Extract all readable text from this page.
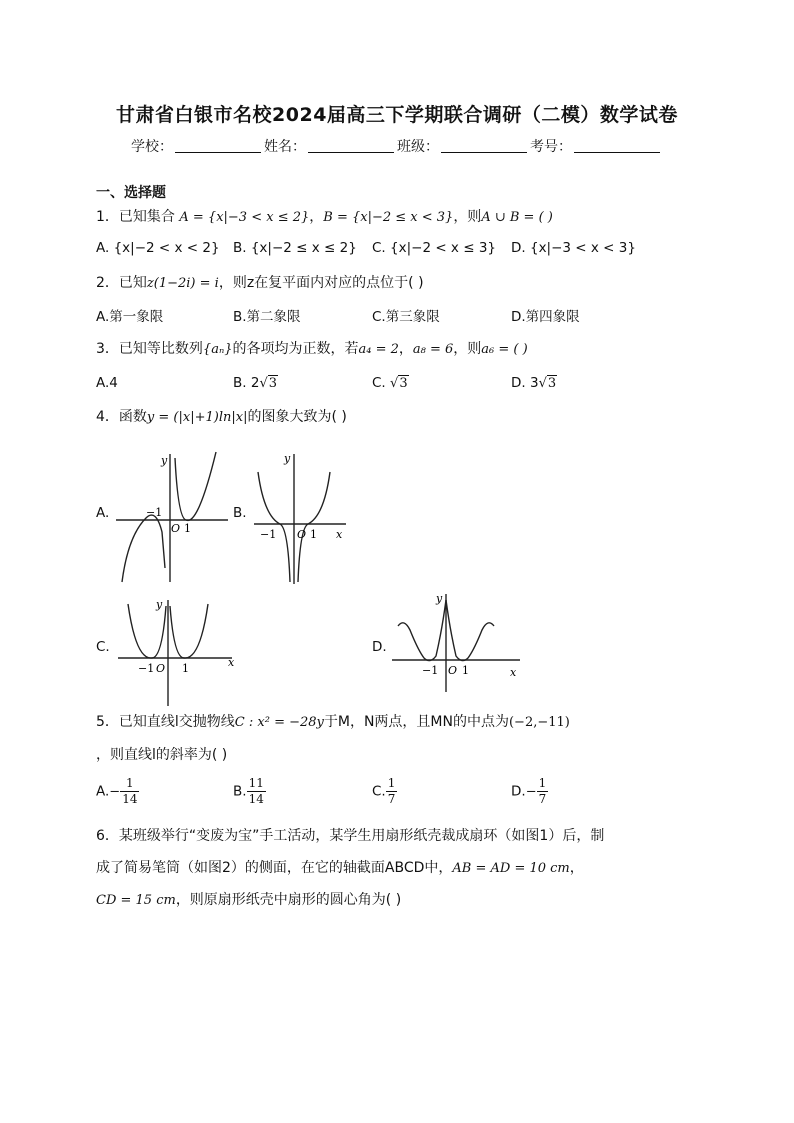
甘肃省白银市名校2024届高三下学期联合调研（二模）数学试卷
学校：	姓名：	班级：	考号：
一、选择题
1．已知集合 A = {x|−3 < x ≤ 2}，B = {x|−2 ≤ x < 3}，则A ∪ B = ( )
A. {x|−2 < x < 2} B. {x|−2 ≤ x ≤ 2} C. {x|−2 < x ≤ 3} D. {x|−3 < x < 3}
2．已知z(1−2i) = i，则z在复平面内对应的点位于( )
A.第一象限	B.第二象限	C.第三象限	D.第四象限
3．已知等比数列{aₙ}的各项均为正数，若a₄ = 2，a₈ = 6，则a₆ = ( )
A.4	B. 2√3	C. √3	D. 3√3
4．函数y = (|x|+1)ln|x|的图象大致为( )
A.	B.
C.	D.
−1
O 1
y
−1 O 1 x
y
−1 O 1	x
y
−1 O 1	x
y
5．已知直线l交抛物线C : x² = −28y于M，N两点，且MN的中点为(−2,−11)
，则直线l的斜率为( )
$A.- \frac{1}{14}$	B. $\frac{11}{14}$	C. $\frac{1}{7}$	$D.- \frac{1}{7}$
6．某班级举行“变废为宝”手工活动，某学生用扇形纸壳裁成扇环（如图1）后，制
成了简易笔筒（如图2）的侧面，在它的轴截面ABCD中，AB = AD = 10 cm，
CD = 15 cm，则原扇形纸壳中扇形的圆心角为( )
